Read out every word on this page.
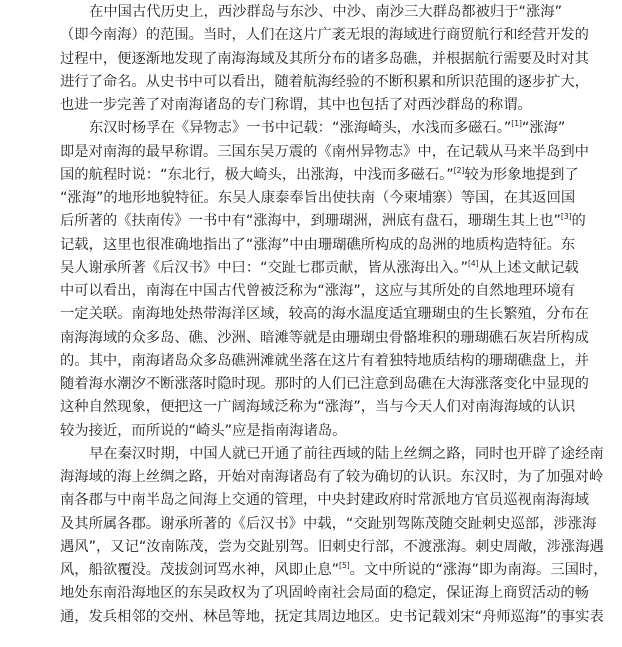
在中国古代历史上，西沙群岛与东沙、中沙、南沙三大群岛都被归于“涨海”
（即今南海）的范围。当时，人们在这片广袤无垠的海域进行商贸航行和经营开发的
过程中，便逐渐地发现了南海海域及其所分布的诸多岛礁，并根据航行需要及时对其
进行了命名。从史书中可以看出，随着航海经验的不断积累和所识范围的逐步扩大，
也进一步完善了对南海诸岛的专门称谓，其中也包括了对西沙群岛的称谓。
东汉时杨孚在《异物志》一书中记载：“涨海崎头，水浅而多磁石。”[1]“涨海”
即是对南海的最早称谓。三国东吴万震的《南州异物志》中，在记载从马来半岛到中
国的航程时说：“东北行，极大崎头，出涨海，中浅而多磁石。”[2]较为形象地提到了
“涨海”的地形地貌特征。东吴人康泰奉旨出使扶南（今柬埔寨）等国，在其返回国
后所著的《扶南传》一书中有“涨海中，到珊瑚洲，洲底有盘石，珊瑚生其上也”[3]的
记载，这里也很准确地指出了“涨海”中由珊瑚礁所构成的岛洲的地质构造特征。东
吴人谢承所著《后汉书》中曰：“交趾七郡贡献，皆从涨海出入。”[4]从上述文献记载
中可以看出，南海在中国古代曾被泛称为“涨海”，这应与其所处的自然地理环境有
一定关联。南海地处热带海洋区域，较高的海水温度适宜珊瑚虫的生长繁殖，分布在
南海海域的众多岛、礁、沙洲、暗滩等就是由珊瑚虫骨骼堆积的珊瑚礁石灰岩所构成
的。其中，南海诸岛众多岛礁洲滩就坐落在这片有着独特地质结构的珊瑚礁盘上，并
随着海水潮汐不断涨落时隐时现。那时的人们已注意到岛礁在大海涨落变化中显现的
这种自然现象，便把这一广阔海域泛称为“涨海”，当与今天人们对南海海域的认识
较为接近，而所说的“崎头”应是指南海诸岛。
早在秦汉时期，中国人就已开通了前往西域的陆上丝绸之路，同时也开辟了途经南
海海域的海上丝绸之路，开始对南海诸岛有了较为确切的认识。东汉时，为了加强对岭
南各郡与中南半岛之间海上交通的管理，中央封建政府时常派地方官员巡视南海海域
及其所属各郡。谢承所著的《后汉书》中载，“交趾别驾陈茂随交趾刺史巡部，涉涨海
遇风”，又记“汝南陈茂，尝为交趾别驾。旧刺史行部，不渡涨海。刺史周敞，涉涨海遇
风，船欲覆没。茂拔剑诃骂水神，风即止息”[5]。文中所说的“涨海”即为南海。三国时，
地处东南沿海地区的东吴政权为了巩固岭南社会局面的稳定，保证海上商贸活动的畅
通，发兵相邻的交州、林邑等地，抚定其周边地区。史书记载刘宋“舟师巡海”的事实表
